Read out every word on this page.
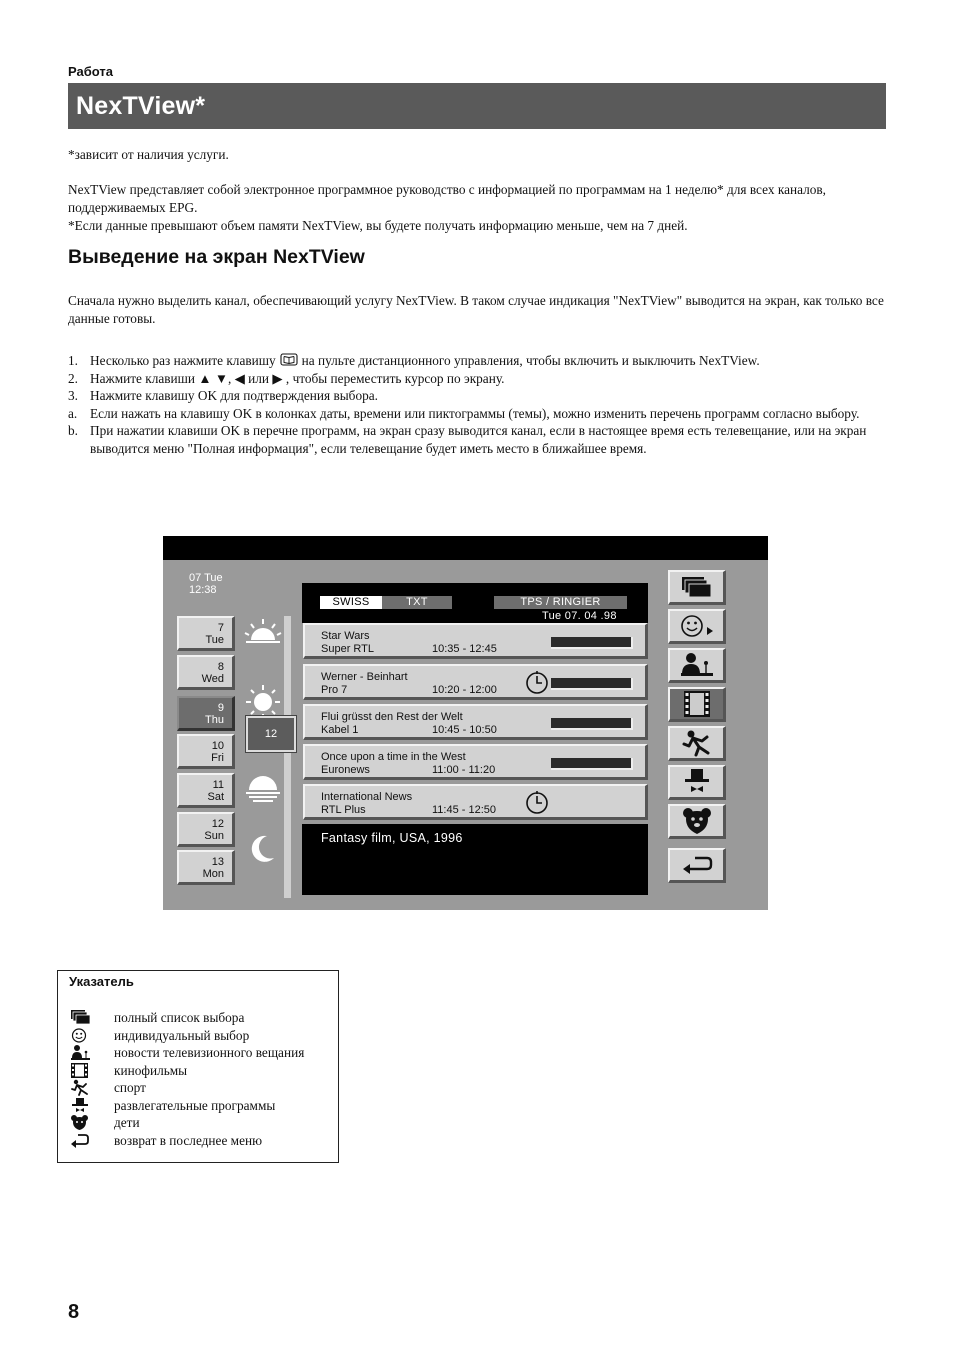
Работа
NexTView*
*зависит от наличия услуги.
NexTView представляет собой электронное программное руководство с информацией по программам на 1 неделю* для всех каналов, поддерживаемых EPG.
*Если данные превышают объем памяти NexTView, вы будете получать информацию меньше, чем на 7 дней.
Выведение на экран NexTView
Сначала нужно выделить канал, обеспечивающий услугу NexTView. В таком случае индикация "NexTView" выводится на экран, как только все данные готовы.
1. Несколько раз нажмите клавишу на пульте дистанционного управления, чтобы включить и выключить NexTView.
2. Нажмите клавиши ▲ ▼, ◀ или ▶ , чтобы переместить курсор по экрану.
3. Нажмите клавишу OK для подтверждения выбора.
a. Если нажать на клавишу OK в колонках даты, времени или пиктограммы (темы), можно изменить перечень программ согласно выбору.
b. При нажатии клавиши OK в перечне программ, на экран сразу выводится канал, если в настоящее время есть телевещание, или на экран выводится меню "Полная информация", если телевещание будет иметь место в ближайшее время.
07 Tue
12:38
7
Tue
8
Wed
9
Thu
10
Fri
11
Sat
12
Sun
13
Mon
12
SWISS	TXT	TPS / RINGIER
Tue 07. 04 .98
Star Wars
Super RTL	10:35 - 12:45
Werner - Beinhart
Pro 7	10:20 - 12:00
Flui grüsst den Rest der Welt
Kabel 1	10:45 - 10:50
Once upon a time in the West
Euronews	11:00 - 11:20
International News
RTL Plus	11:45 - 12:50
Fantasy film, USA, 1996
Указатель
полный список выбора
индивидуальный выбор
новости телевизионного вещания
кинофильмы
спорт
развлегательные программы
дети
возврат в последнее меню
8
